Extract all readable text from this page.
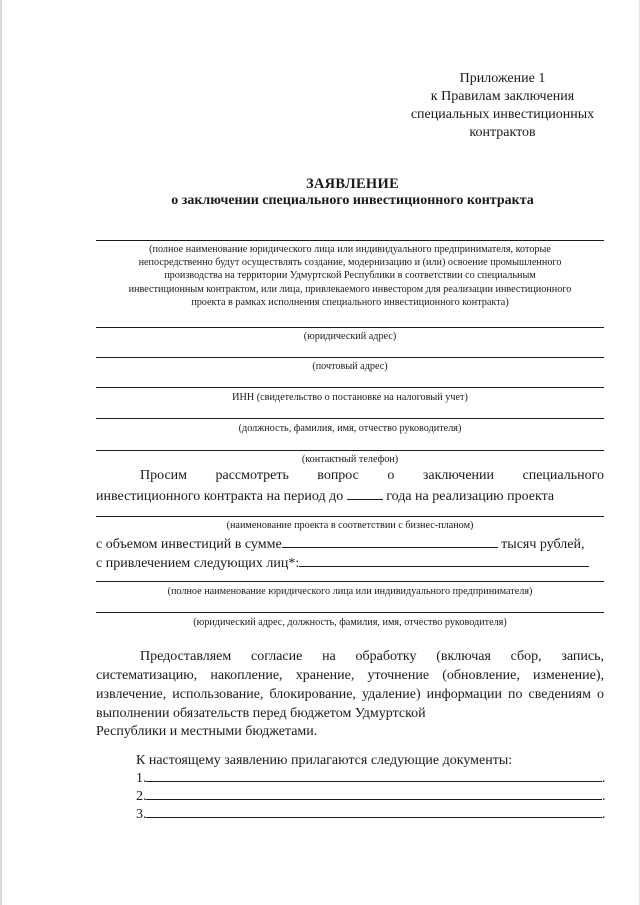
Приложение 1
к Правилам заключения
специальных инвестиционных
контрактов
ЗАЯВЛЕНИЕ
о заключении специального инвестиционного контракта
(полное наименование юридического лица или индивидуального предпринимателя, которые
непосредственно будут осуществлять создание, модернизацию и (или) освоение промышленного
производства на территории Удмуртской Республики в соответствии со специальным
инвестиционным контрактом, или лица, привлекаемого инвестором для реализации инвестиционного
проекта в рамках исполнения специального инвестиционного контракта)
(юридический адрес)
(почтовый адрес)
ИНН (свидетельство о постановке на налоговый учет)
(должность, фамилия, имя, отчество руководителя)
(контактный телефон)
Просим рассмотреть вопрос о заключении специального
инвестиционного контракта на период до	года на реализацию проекта
(наименование проекта в соответствии с бизнес-планом)
с объемом инвестиций в сумме	тысяч рублей,
с привлечением следующих лиц*:
(полное наименование юридического лица или индивидуального предпринимателя)
(юридический адрес, должность, фамилия, имя, отчество руководителя)
Предоставляем согласие на обработку (включая сбор, запись, систематизацию, накопление, хранение, уточнение (обновление, изменение), извлечение, использование, блокирование, удаление) информации по сведениям о выполнении обязательств перед бюджетом Удмуртской
Республики и местными бюджетами.
К настоящему заявлению прилагаются следующие документы:
1.	.
2.	.
3.	.
